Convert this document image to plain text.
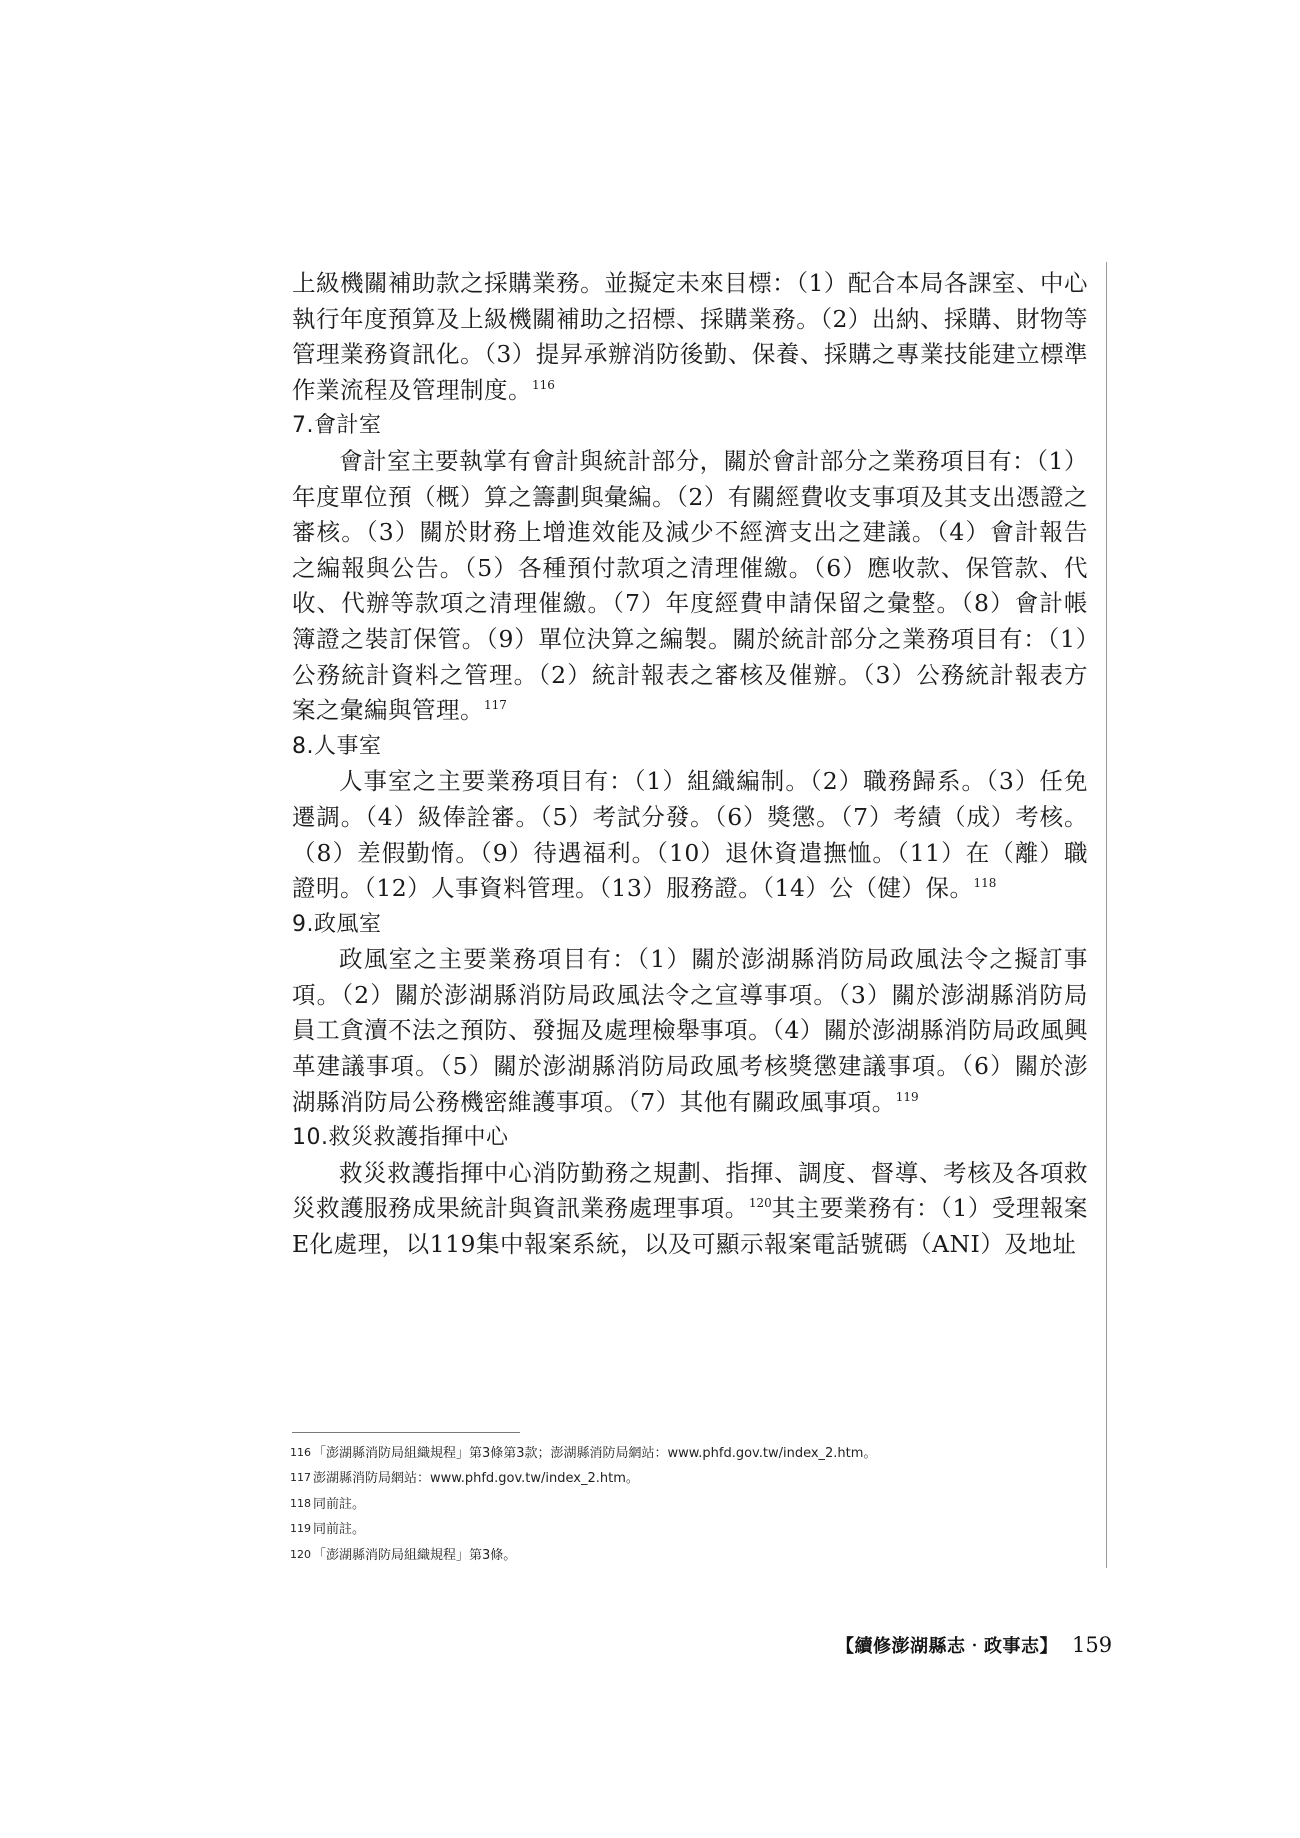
上級機關補助款之採購業務。並擬定未來目標：（1）配合本局各課室、中心執行年度預算及上級機關補助之招標、採購業務。（2）出納、採購、財物等管理業務資訊化。（3）提昇承辦消防後勤、保養、採購之專業技能建立標準作業流程及管理制度。$^{116}$

7.會計室

會計室主要執掌有會計與統計部分，關於會計部分之業務項目有：（1）年度單位預（概）算之籌劃與彙編。（2）有關經費收支事項及其支出憑證之審核。（3）關於財務上增進效能及減少不經濟支出之建議。（4）會計報告之編報與公告。（5）各種預付款項之清理催繳。（6）應收款、保管款、代收、代辦等款項之清理催繳。（7）年度經費申請保留之彙整。（8）會計帳簿證之裝訂保管。（9）單位決算之編製。關於統計部分之業務項目有：（1）公務統計資料之管理。（2）統計報表之審核及催辦。（3）公務統計報表方案之彙編與管理。$^{117}$

8.人事室

人事室之主要業務項目有：（1）組織編制。（2）職務歸系。（3）任免遷調。（4）級俸詮審。（5）考試分發。（6）獎懲。（7）考績（成）考核。（8）差假勤惰。（9）待遇福利。（10）退休資遣撫恤。（11）在（離）職證明。（12）人事資料管理。（13）服務證。（14）公（健）保。$^{118}$

9.政風室

政風室之主要業務項目有：（1）關於澎湖縣消防局政風法令之擬訂事項。（2）關於澎湖縣消防局政風法令之宣導事項。（3）關於澎湖縣消防局員工貪瀆不法之預防、發掘及處理檢舉事項。（4）關於澎湖縣消防局政風興革建議事項。（5）關於澎湖縣消防局政風考核獎懲建議事項。（6）關於澎湖縣消防局公務機密維護事項。（7）其他有關政風事項。$^{119}$

10.救災救護指揮中心

救災救護指揮中心消防勤務之規劃、指揮、調度、督導、考核及各項救災救護服務成果統計與資訊業務處理事項。$^{120}$其主要業務有：（1）受理報案E化處理，以119集中報案系統，以及可顯示報案電話號碼（ANI）及地址

116 「澎湖縣消防局組織規程」第3條第3款；澎湖縣消防局網站：www.phfd.gov.tw/index_2.htm。

117 澎湖縣消防局網站：www.phfd.gov.tw/index_2.htm。

118 同前註。

119 同前註。

120 「澎湖縣消防局組織規程」第3條。

【續修澎湖縣志‧政事志】 159
